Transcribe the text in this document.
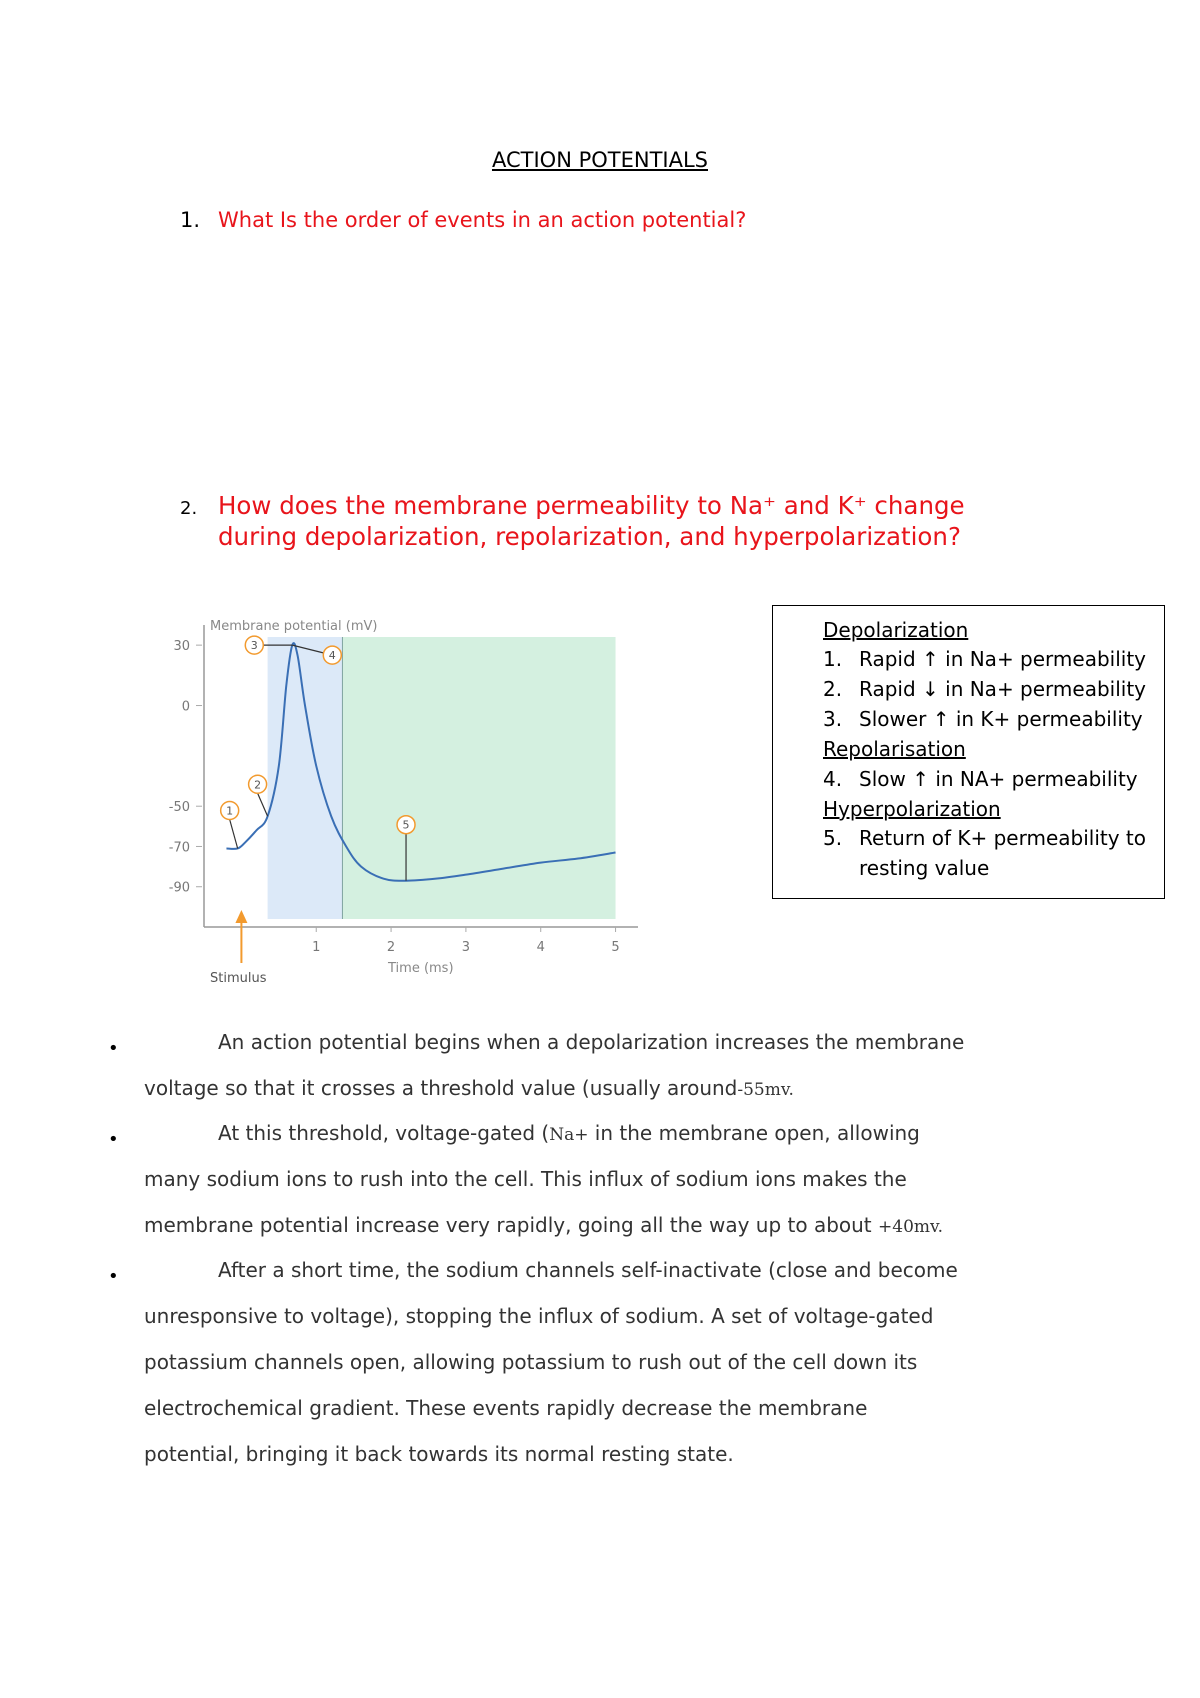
ACTION POTENTIALS
1. What Is the order of events in an action potential?
2. How does the membrane permeability to Na⁺ and K⁺ change
during depolarization, repolarization, and hyperpolarization?
Membrane potential (mV)
Time (ms)
30
0
-50
-70
-90
1	2	3	4	5
1
2
3
4
5
Stimulus
Depolarization
1. Rapid ↑ in Na+ permeability
2. Rapid ↓ in Na+ permeability
3. Slower ↑ in K+ permeability
Repolarisation
4. Slow ↑ in NA+ permeability
Hyperpolarization
5. Return of K+ permeability to
resting value
•	An action potential begins when a depolarization increases the membrane
voltage so that it crosses a threshold value (usually around-55mv.
•	At this threshold, voltage-gated (Na+ in the membrane open, allowing
many sodium ions to rush into the cell. This influx of sodium ions makes the
membrane potential increase very rapidly, going all the way up to about +40mv.
•	After a short time, the sodium channels self-inactivate (close and become
unresponsive to voltage), stopping the influx of sodium. A set of voltage-gated
potassium channels open, allowing potassium to rush out of the cell down its
electrochemical gradient. These events rapidly decrease the membrane
potential, bringing it back towards its normal resting state.
